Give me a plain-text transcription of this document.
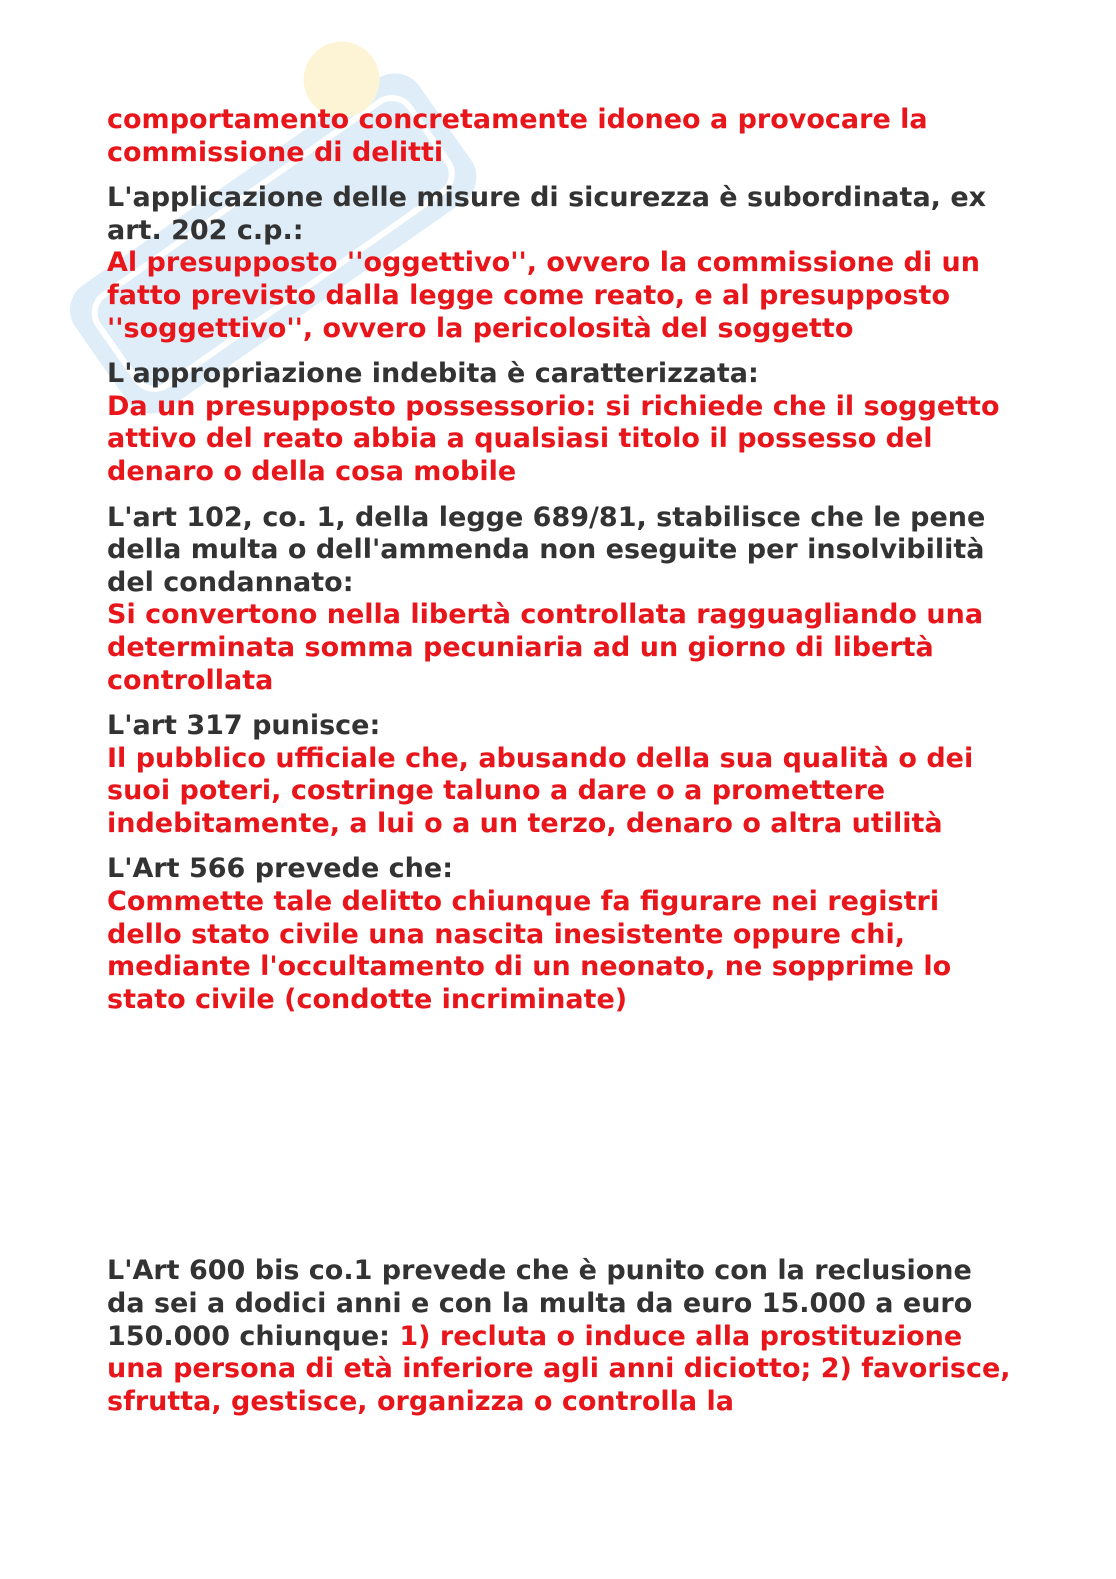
comportamento concretamente idoneo a provocare la commissione di delitti
L'applicazione delle misure di sicurezza è subordinata, ex art. 202 c.p.:
Al presupposto ''oggettivo'', ovvero la commissione di un fatto previsto dalla legge come reato, e al presupposto ''soggettivo'', ovvero la pericolosità del soggetto
L'appropriazione indebita è caratterizzata:
Da un presupposto possessorio: si richiede che il soggetto attivo del reato abbia a qualsiasi titolo il possesso del denaro o della cosa mobile
L'art 102, co. 1, della legge 689/81, stabilisce che le pene della multa o dell'ammenda non eseguite per insolvibilità del condannato:
Si convertono nella libertà controllata ragguagliando una determinata somma pecuniaria ad un giorno di libertà controllata
L'art 317 punisce:
Il pubblico ufficiale che, abusando della sua qualità o dei suoi poteri, costringe taluno a dare o a promettere indebitamente, a lui o a un terzo, denaro o altra utilità
L'Art 566 prevede che:
Commette tale delitto chiunque fa figurare nei registri dello stato civile una nascita inesistente oppure chi, mediante l'occultamento di un neonato, ne sopprime lo stato civile (condotte incriminate)
L'Art 600 bis co.1 prevede che è punito con la reclusione da sei a dodici anni e con la multa da euro 15.000 a euro 150.000 chiunque: 1) recluta o induce alla prostituzione una persona di età inferiore agli anni diciotto; 2) favorisce, sfrutta, gestisce, organizza o controlla la
